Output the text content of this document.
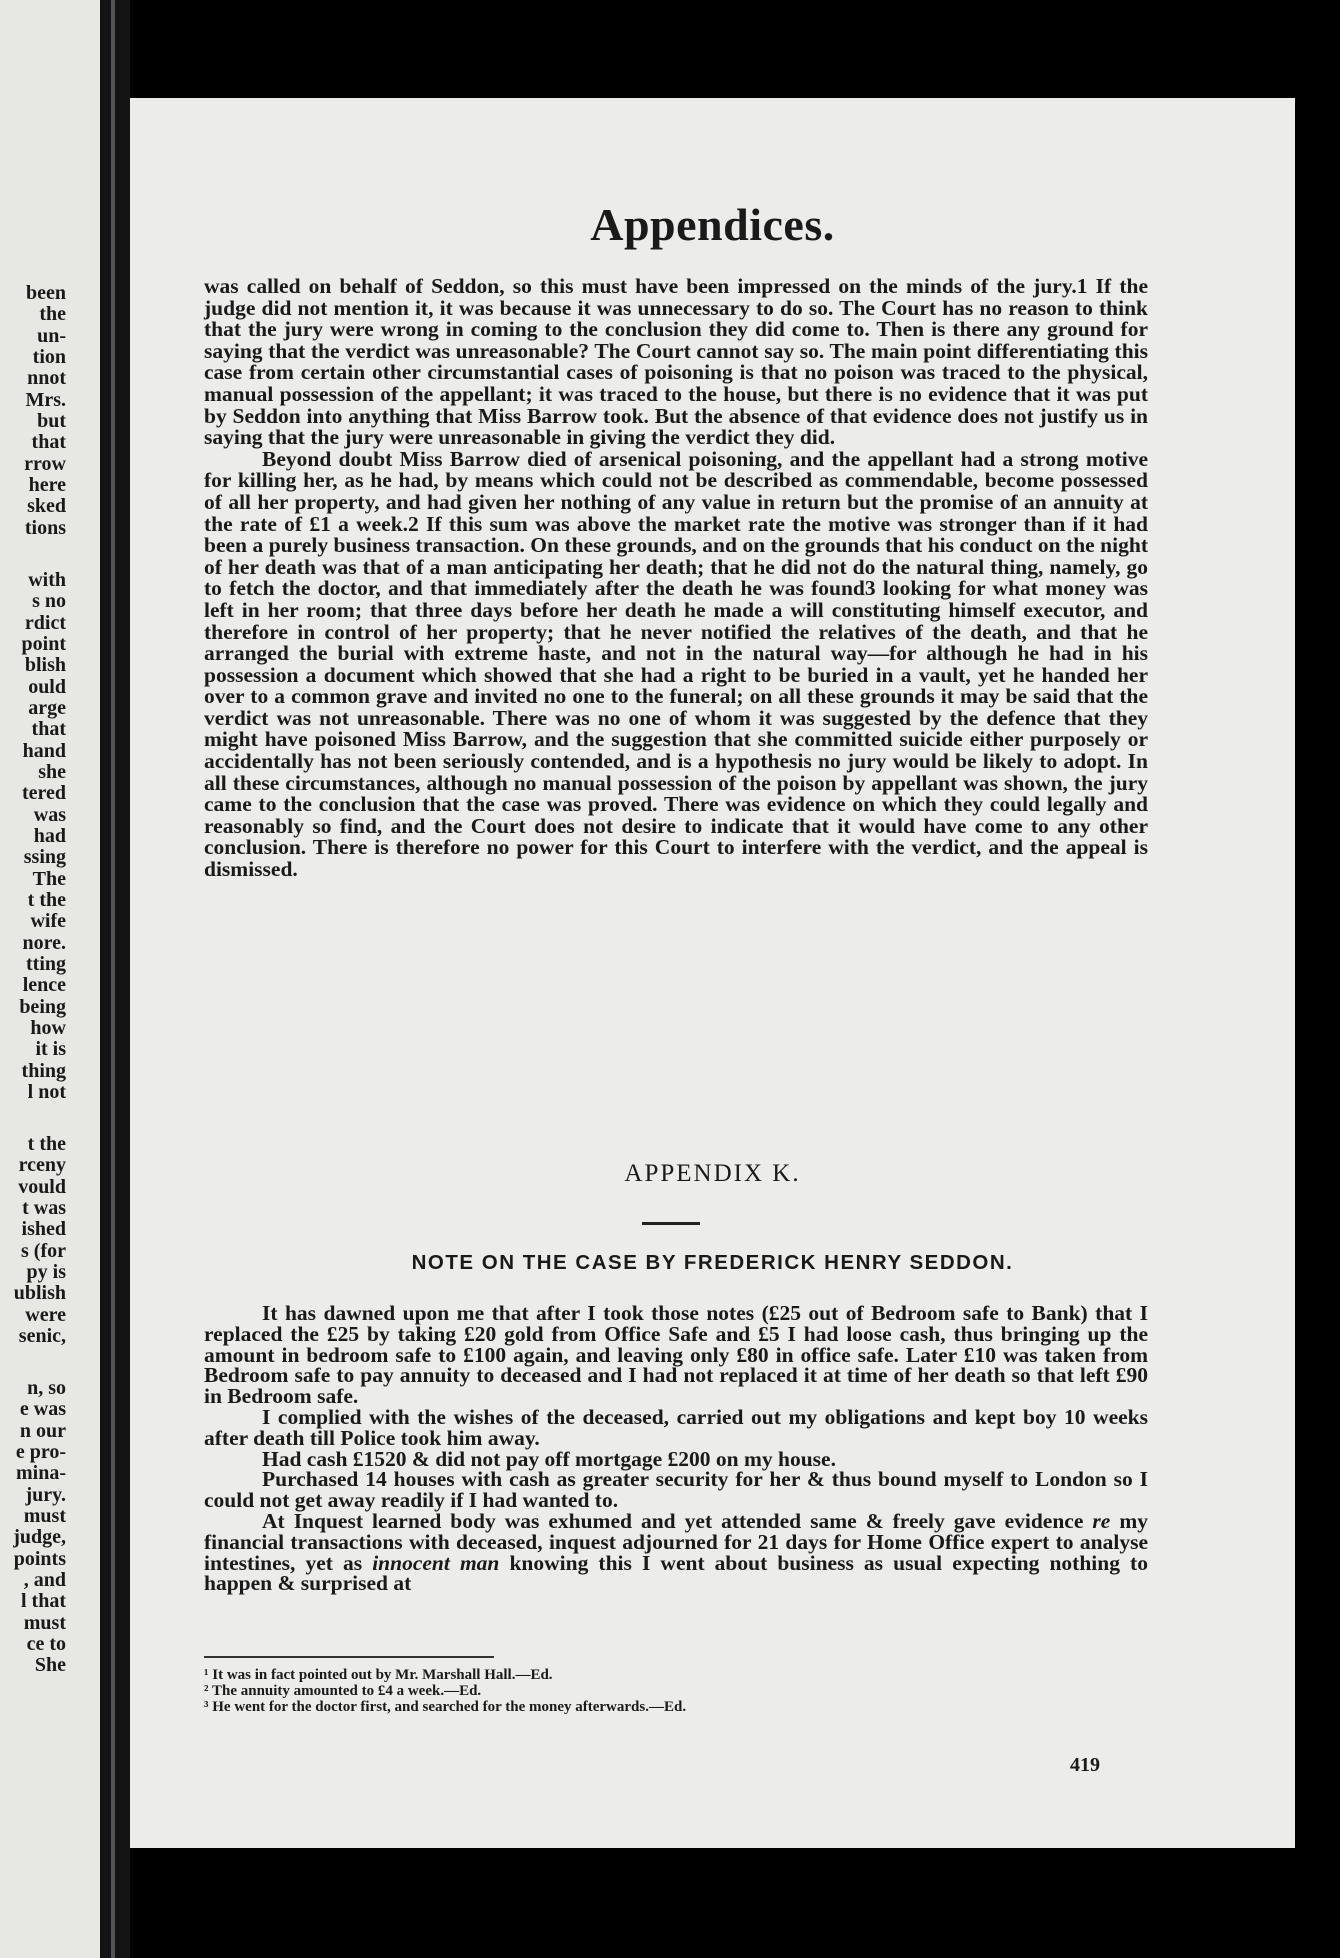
been
the
un-
tion
nnot
Mrs.
but
that
rrow
here
sked
tions
with
s no
rdict
point
blish
ould
arge
that
hand
she
tered
was
had
ssing
The
t the
wife
nore.
tting
lence
being
how
it is
thing
l not
t the
rceny
vould
t was
ished
s (for
py is
ublish
were
senic,
n, so
e was
n our
e pro-
mina-
jury.
must
judge,
points
, and
l that
must
ce to
She
Appendices.

was called on behalf of Seddon, so this must have been impressed on the minds of the jury.1 If the judge did not mention it, it was because it was unnecessary to do so. The Court has no reason to think that the jury were wrong in coming to the conclusion they did come to. Then is there any ground for saying that the verdict was unreasonable? The Court cannot say so. The main point differentiating this case from certain other circumstantial cases of poisoning is that no poison was traced to the physical, manual possession of the appellant; it was traced to the house, but there is no evidence that it was put by Seddon into anything that Miss Barrow took. But the absence of that evidence does not justify us in saying that the jury were unreasonable in giving the verdict they did.

Beyond doubt Miss Barrow died of arsenical poisoning, and the appellant had a strong motive for killing her, as he had, by means which could not be described as commendable, become possessed of all her property, and had given her nothing of any value in return but the promise of an annuity at the rate of £1 a week.2 If this sum was above the market rate the motive was stronger than if it had been a purely business transaction. On these grounds, and on the grounds that his conduct on the night of her death was that of a man anticipating her death; that he did not do the natural thing, namely, go to fetch the doctor, and that immediately after the death he was found3 looking for what money was left in her room; that three days before her death he made a will constituting himself executor, and therefore in control of her property; that he never notified the relatives of the death, and that he arranged the burial with extreme haste, and not in the natural way—for although he had in his possession a document which showed that she had a right to be buried in a vault, yet he handed her over to a common grave and invited no one to the funeral; on all these grounds it may be said that the verdict was not unreasonable. There was no one of whom it was suggested by the defence that they might have poisoned Miss Barrow, and the suggestion that she committed suicide either purposely or accidentally has not been seriously contended, and is a hypothesis no jury would be likely to adopt. In all these circumstances, although no manual possession of the poison by appellant was shown, the jury came to the conclusion that the case was proved. There was evidence on which they could legally and reasonably so find, and the Court does not desire to indicate that it would have come to any other conclusion. There is therefore no power for this Court to interfere with the verdict, and the appeal is dismissed.

APPENDIX K.
NOTE ON THE CASE BY FREDERICK HENRY SEDDON.

It has dawned upon me that after I took those notes (£25 out of Bedroom safe to Bank) that I replaced the £25 by taking £20 gold from Office Safe and £5 I had loose cash, thus bringing up the amount in bedroom safe to £100 again, and leaving only £80 in office safe. Later £10 was taken from Bedroom safe to pay annuity to deceased and I had not replaced it at time of her death so that left £90 in Bedroom safe.

I complied with the wishes of the deceased, carried out my obligations and kept boy 10 weeks after death till Police took him away.

Had cash £1520 & did not pay off mortgage £200 on my house.

Purchased 14 houses with cash as greater security for her & thus bound myself to London so I could not get away readily if I had wanted to.

At Inquest learned body was exhumed and yet attended same & freely gave evidence re my financial transactions with deceased, inquest adjourned for 21 days for Home Office expert to analyse intestines, yet as innocent man knowing this I went about business as usual expecting nothing to happen & surprised at

¹ It was in fact pointed out by Mr. Marshall Hall.—Ed.
² The annuity amounted to £4 a week.—Ed.
³ He went for the doctor first, and searched for the money afterwards.—Ed.
419
